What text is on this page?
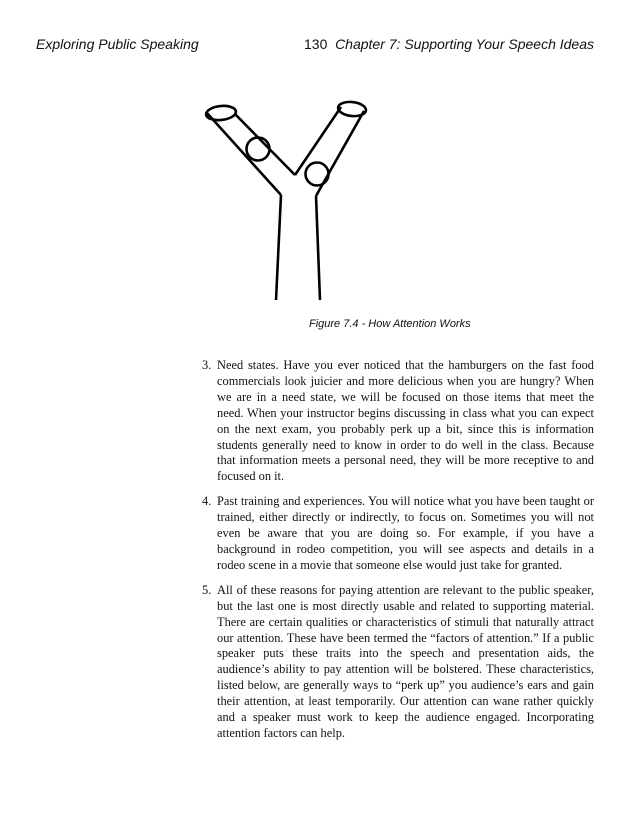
Exploring Public Speaking	130 Chapter 7: Supporting Your Speech Ideas
Figure 7.4 - How Attention Works
3. Need states. Have you ever noticed that the hamburgers on the fast food commercials look juicier and more delicious when you are hungry? When we are in a need state, we will be focused on those items that meet the need. When your instructor begins discussing in class what you can expect on the next exam, you probably perk up a bit, since this is information students generally need to know in order to do well in the class. Because that information meets a personal need, they will be more receptive to and focused on it.
4. Past training and experiences. You will notice what you have been taught or trained, either directly or indirectly, to focus on. Sometimes you will not even be aware that you are doing so. For example, if you have a background in rodeo competition, you will see aspects and details in a rodeo scene in a movie that someone else would just take for granted.
5. All of these reasons for paying attention are relevant to the public speaker, but the last one is most directly usable and related to supporting material. There are certain qualities or characteristics of stimuli that naturally attract our attention. These have been termed the “factors of attention.” If a public speaker puts these traits into the speech and presentation aids, the audience’s ability to pay attention will be bolstered. These characteristics, listed below, are generally ways to “perk up” you audience’s ears and gain their attention, at least temporarily. Our attention can wane rather quickly and a speaker must work to keep the audience engaged. Incorporating attention factors can help.
